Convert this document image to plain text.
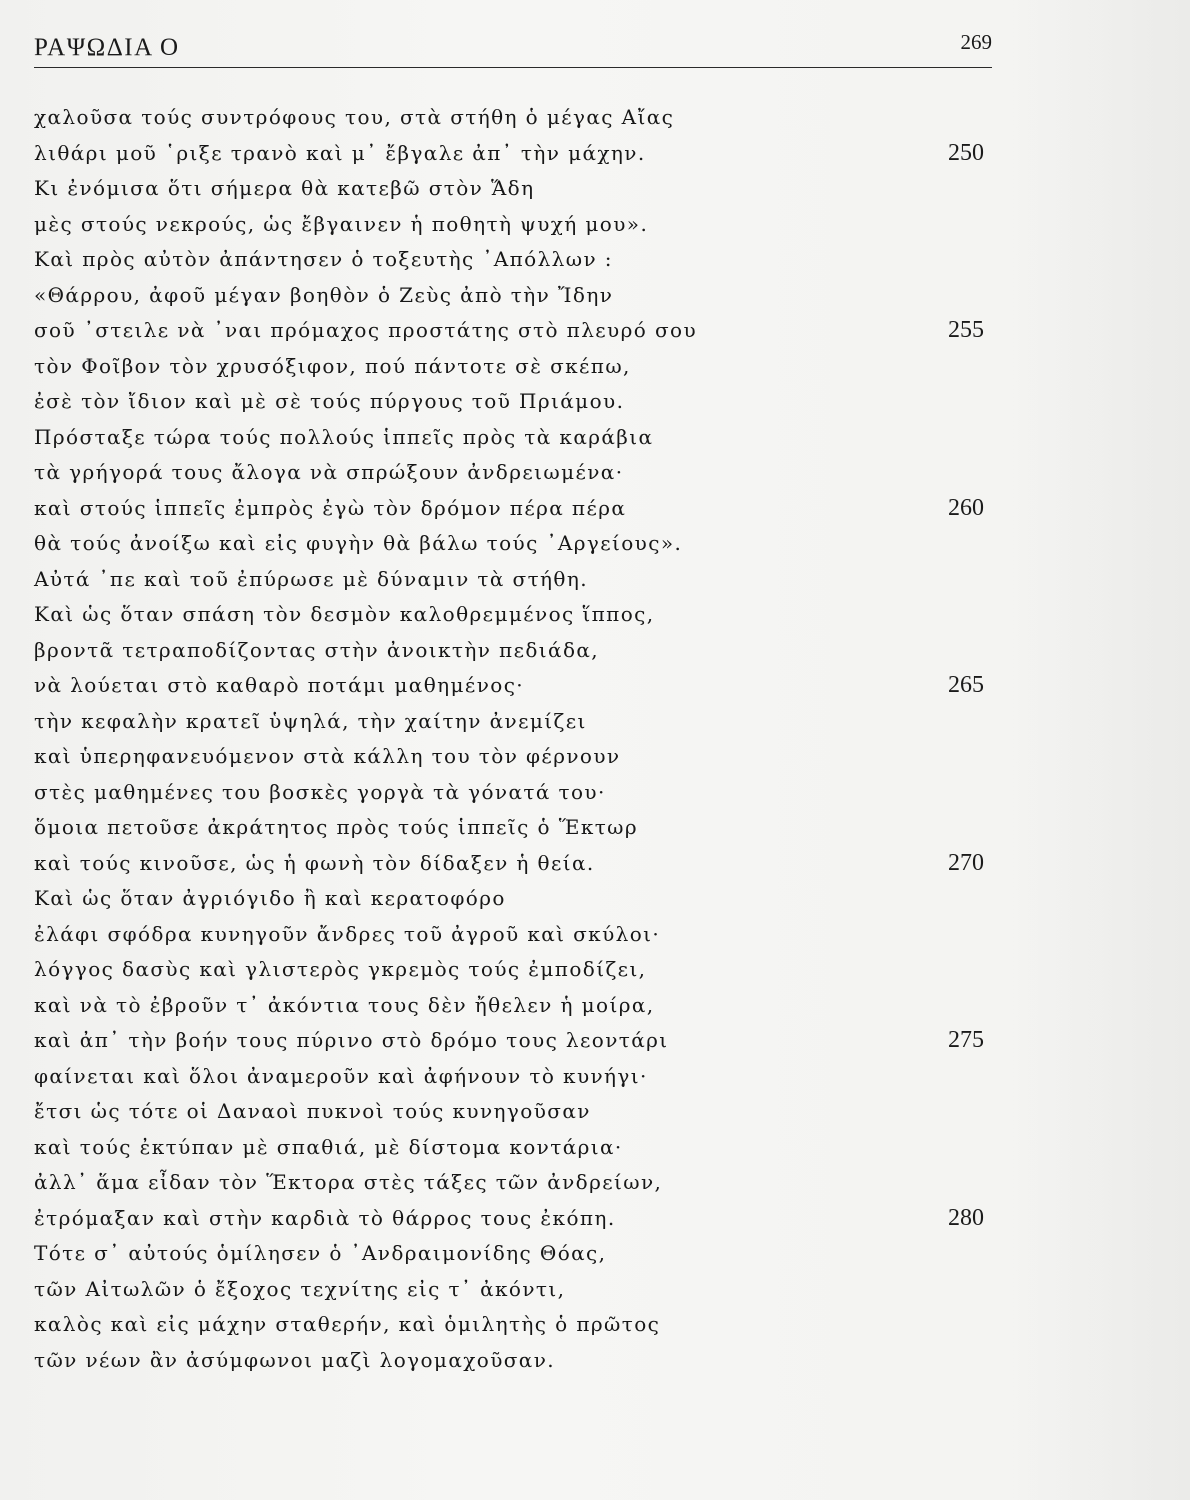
ΡΑΨΩΔΙΑ Ο	269
χαλοῦσα τούς συντρόφους του, στὰ στήθη ὁ μέγας Αἴας
λιθάρι μοῦ ῾ριξε τρανὸ καὶ μ᾽ ἔβγαλε ἀπ᾽ τὴν μάχην.	250
Κι ἐνόμισα ὅτι σήμερα θὰ κατεβῶ στὸν Ἅδη
μὲς στούς νεκρούς, ὡς ἔβγαινεν ἡ ποθητὴ ψυχή μου».
Καὶ πρὸς αὐτὸν ἀπάντησεν ὁ τοξευτὴς ᾽Απόλλων :
«Θάρρου, ἀφοῦ μέγαν βοηθὸν ὁ Ζεὺς ἀπὸ τὴν Ἴδην
σοῦ ᾽στειλε νὰ ᾽ναι πρόμαχος προστάτης στὸ πλευρό σου	255
τὸν Φοῖβον τὸν χρυσόξιφον, πού πάντοτε σὲ σκέπω,
ἐσὲ τὸν ἴδιον καὶ μὲ σὲ τούς πύργους τοῦ Πριάμου.
Πρόσταξε τώρα τούς πολλούς ἱππεῖς πρὸς τὰ καράβια
τὰ γρήγορά τους ἄλογα νὰ σπρώξουν ἀνδρειωμένα·
καὶ στούς ἱππεῖς ἐμπρὸς ἐγὼ τὸν δρόμον πέρα πέρα	260
θὰ τούς ἀνοίξω καὶ εἰς φυγὴν θὰ βάλω τούς ᾽Αργείους».
Αὐτά ᾽πε καὶ τοῦ ἐπύρωσε μὲ δύναμιν τὰ στήθη.
Καὶ ὡς ὅταν σπάση τὸν δεσμὸν καλοθρεμμένος ἵππος,
βροντᾶ τετραποδίζοντας στὴν ἀνοικτὴν πεδιάδα,
νὰ λούεται στὸ καθαρὸ ποτάμι μαθημένος·	265
τὴν κεφαλὴν κρατεῖ ὑψηλά, τὴν χαίτην ἀνεμίζει
καὶ ὑπερηφανευόμενον στὰ κάλλη του τὸν φέρνουν
στὲς μαθημένες του βοσκὲς γοργὰ τὰ γόνατά του·
ὅμοια πετοῦσε ἀκράτητος πρὸς τούς ἱππεῖς ὁ Ἕκτωρ
καὶ τούς κινοῦσε, ὡς ἡ φωνὴ τὸν δίδαξεν ἡ θεία.	270
Καὶ ὡς ὅταν ἀγριόγιδο ἢ καὶ κερατοφόρο
ἐλάφι σφόδρα κυνηγοῦν ἄνδρες τοῦ ἀγροῦ καὶ σκύλοι·
λόγγος δασὺς καὶ γλιστερὸς γκρεμὸς τούς ἐμποδίζει,
καὶ νὰ τὸ ἐβροῦν τ᾽ ἀκόντια τους δὲν ἤθελεν ἡ μοίρα,
καὶ ἀπ᾽ τὴν βοήν τους πύρινο στὸ δρόμο τους λεοντάρι	275
φαίνεται καὶ ὅλοι ἀναμεροῦν καὶ ἀφήνουν τὸ κυνήγι·
ἔτσι ὡς τότε οἱ Δαναοὶ πυκνοὶ τούς κυνηγοῦσαν
καὶ τούς ἐκτύπαν μὲ σπαθιά, μὲ δίστομα κοντάρια·
ἀλλ᾽ ἅμα εἶδαν τὸν Ἕκτορα στὲς τάξες τῶν ἀνδρείων,
ἐτρόμαξαν καὶ στὴν καρδιὰ τὸ θάρρος τους ἐκόπη.	280
Τότε σ᾽ αὐτούς ὁμίλησεν ὁ ᾽Ανδραιμονίδης Θόας,
τῶν Αἰτωλῶν ὁ ἔξοχος τεχνίτης εἰς τ᾽ ἀκόντι,
καλὸς καὶ εἰς μάχην σταθερήν, καὶ ὁμιλητὴς ὁ πρῶτος
τῶν νέων ἂν ἀσύμφωνοι μαζὶ λογομαχοῦσαν.
